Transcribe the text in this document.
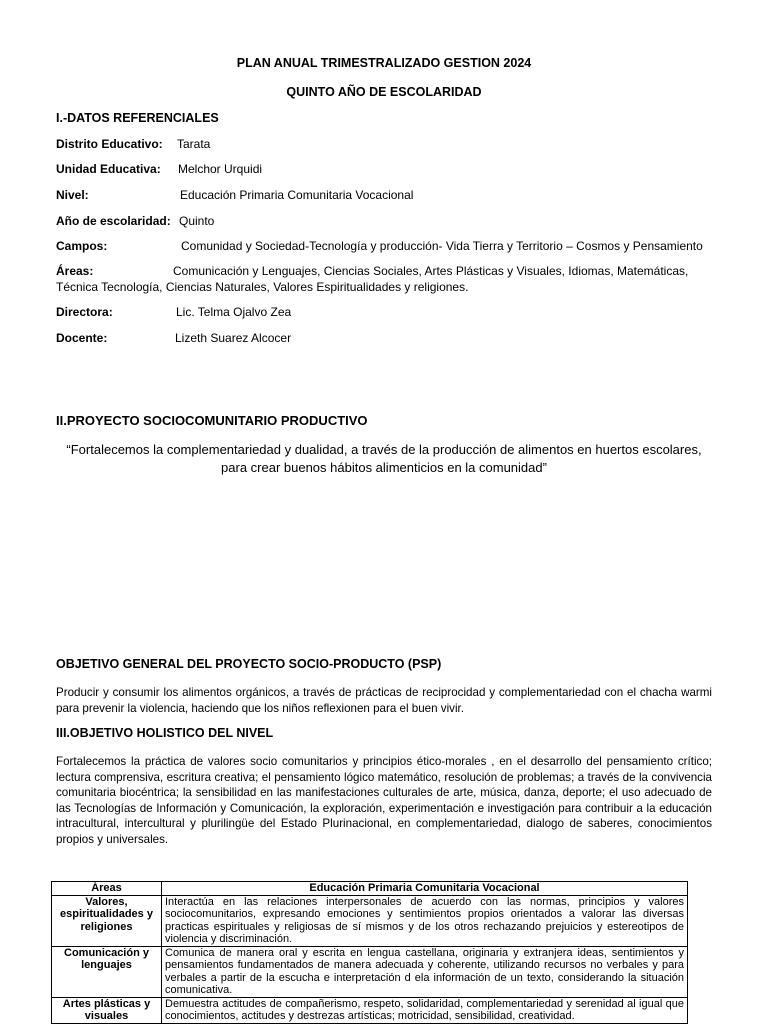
PLAN ANUAL TRIMESTRALIZADO GESTION 2024
QUINTO AÑO DE ESCOLARIDAD
I.-DATOS REFERENCIALES
Distrito Educativo: Tarata
Unidad Educativa: Melchor Urquidi
Nivel:	Educación Primaria Comunitaria Vocacional
Año de escolaridad: Quinto
Campos:	Comunidad y Sociedad-Tecnología y producción- Vida Tierra y Territorio – Cosmos y Pensamiento
Áreas:	Comunicación y Lenguajes, Ciencias Sociales, Artes Plásticas y Visuales, Idiomas, Matemáticas, Técnica Tecnología, Ciencias Naturales, Valores Espiritualidades y religiones.
Directora:	Lic. Telma Ojalvo Zea
Docente:	Lizeth Suarez Alcocer
II.PROYECTO SOCIOCOMUNITARIO PRODUCTIVO
“Fortalecemos la complementariedad y dualidad, a través de la producción de alimentos en huertos escolares, para crear buenos hábitos alimenticios en la comunidad”
OBJETIVO GENERAL DEL PROYECTO SOCIO-PRODUCTO (PSP)
Producir y consumir los alimentos orgánicos, a través de prácticas de reciprocidad y complementariedad con el chacha warmi para prevenir la violencia, haciendo que los niños reflexionen para el buen vivir.
III.OBJETIVO HOLISTICO DEL NIVEL
Fortalecemos la práctica de valores socio comunitarios y principios ético-morales , en el desarrollo del pensamiento crítico; lectura comprensiva, escritura creativa; el pensamiento lógico matemático, resolución de problemas; a través de la convivencia comunitaria biocéntrica; la sensibilidad en las manifestaciones culturales de arte, música, danza, deporte; el uso adecuado de las Tecnologías de Información y Comunicación, la exploración, experimentación e investigación para contribuir a la educación intracultural, intercultural y plurilingüe del Estado Plurinacional, en complementariedad, dialogo de saberes, conocimientos propios y universales.
Áreas	Educación Primaria Comunitaria Vocacional
Valores, espiritualidades y religiones	Interactúa en las relaciones interpersonales de acuerdo con las normas, principios y valores sociocomunitarios, expresando emociones y sentimientos propios orientados a valorar las diversas practicas espirituales y religiosas de sí mismos y de los otros rechazando prejuicios y estereotipos de violencia y discriminación.
Comunicación y lenguajes	Comunica de manera oral y escrita en lengua castellana, originaria y extranjera ideas, sentimientos y pensamientos fundamentados de manera adecuada y coherente, utilizando recursos no verbales y para verbales a partir de la escucha e interpretación d ela información de un texto, considerando la situación comunicativa.
Artes plásticas y visuales	Demuestra actitudes de compañerismo, respeto, solidaridad, complementariedad y serenidad al igual que conocimientos, actitudes y destrezas artísticas; motricidad, sensibilidad, creatividad.
